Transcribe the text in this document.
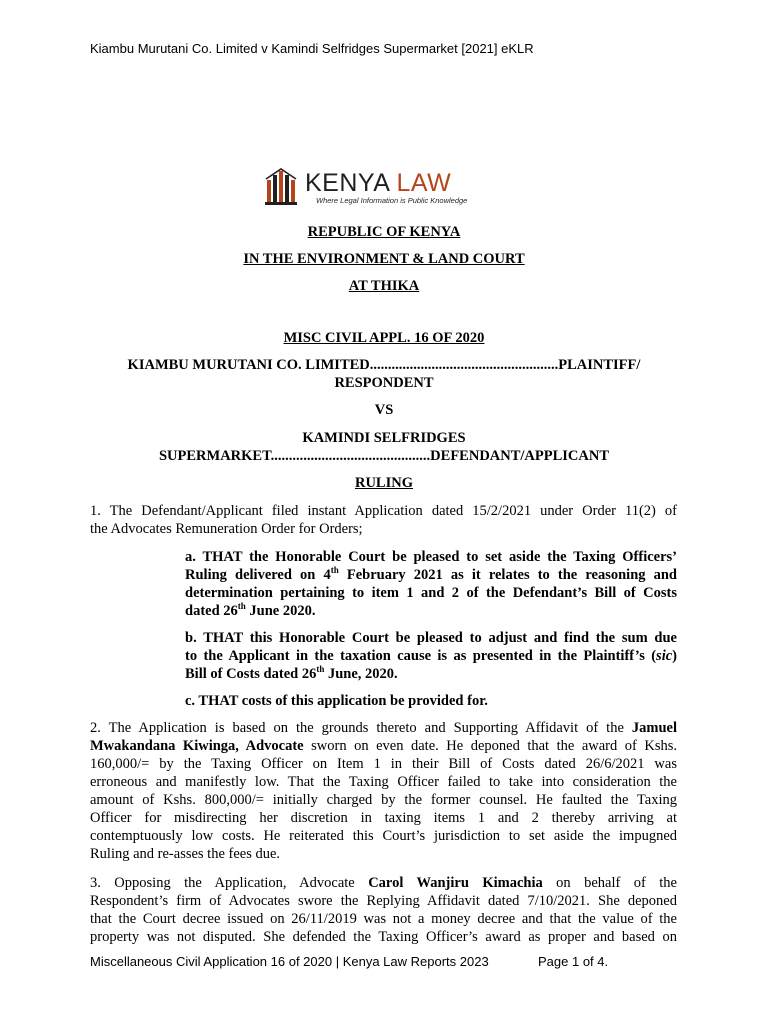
Kiambu Murutani Co. Limited v Kamindi Selfridges Supermarket [2021] eKLR
KENYA LAW
Where Legal Information is Public Knowledge
REPUBLIC OF KENYA
IN THE ENVIRONMENT & LAND COURT
AT THIKA
MISC CIVIL APPL. 16 OF 2020
KIAMBU MURUTANI CO. LIMITED....................................................PLAINTIFF/
RESPONDENT
VS
KAMINDI SELFRIDGES
SUPERMARKET............................................DEFENDANT/APPLICANT
RULING
1. The Defendant/Applicant filed instant Application dated 15/2/2021 under Order 11(2) of
the Advocates Remuneration Order for Orders;
a. THAT the Honorable Court be pleased to set aside the Taxing Officers’
Ruling delivered on 4th February 2021 as it relates to the reasoning and
determination pertaining to item 1 and 2 of the Defendant’s Bill of Costs
dated 26th June 2020.
b. THAT this Honorable Court be pleased to adjust and find the sum due
to the Applicant in the taxation cause is as presented in the Plaintiff’s (sic)
Bill of Costs dated 26th June, 2020.
c. THAT costs of this application be provided for.
2. The Application is based on the grounds thereto and Supporting Affidavit of the Jamuel
Mwakandana Kiwinga, Advocate sworn on even date. He deponed that the award of Kshs.
160,000/= by the Taxing Officer on Item 1 in their Bill of Costs dated 26/6/2021 was
erroneous and manifestly low. That the Taxing Officer failed to take into consideration the
amount of Kshs. 800,000/= initially charged by the former counsel. He faulted the Taxing
Officer for misdirecting her discretion in taxing items 1 and 2 thereby arriving at
contemptuously low costs. He reiterated this Court’s jurisdiction to set aside the impugned
Ruling and re-asses the fees due.
3. Opposing the Application, Advocate Carol Wanjiru Kimachia on behalf of the
Respondent’s firm of Advocates swore the Replying Affidavit dated 7/10/2021. She deponed
that the Court decree issued on 26/11/2019 was not a money decree and that the value of the
property was not disputed. She defended the Taxing Officer’s award as proper and based on
Miscellaneous Civil Application 16 of 2020 | Kenya Law Reports 2023	Page 1 of 4.
